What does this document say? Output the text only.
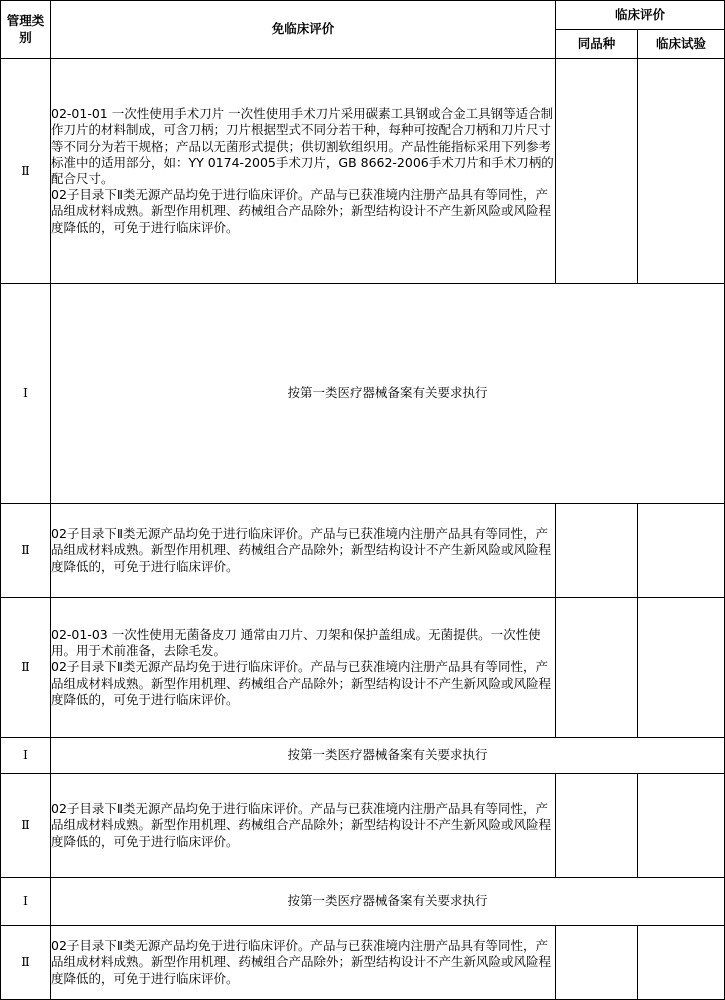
管理类别	免临床评价	临床评价	
		同品种	临床试验
Ⅱ	02-01-01 一次性使用手术刀片 一次性使用手术刀片采用碳素工具钢或合金工具钢等适合制作刀片的材料制成，可含刀柄；刀片根据型式不同分若干种，每种可按配合刀柄和刀片尺寸等不同分为若干规格；产品以无菌形式提供；供切割软组织用。产品性能指标采用下列参考标准中的适用部分，如：YY 0174-2005手术刀片，GB 8662-2006手术刀片和手术刀柄的配合尺寸。
02子目录下Ⅱ类无源产品均免于进行临床评价。产品与已获准境内注册产品具有等同性，产品组成材料成熟。新型作用机理、药械组合产品除外；新型结构设计不产生新风险或风险程度降低的，可免于进行临床评价。		

Ⅰ	按第一类医疗器械备案有关要求执行		
Ⅱ	02子目录下Ⅱ类无源产品均免于进行临床评价。产品与已获准境内注册产品具有等同性，产品组成材料成熟。新型作用机理、药械组合产品除外；新型结构设计不产生新风险或风险程度降低的，可免于进行临床评价。		

Ⅱ	02-01-03 一次性使用无菌备皮刀 通常由刀片、刀架和保护盖组成。无菌提供。一次性使用。用于术前准备，去除毛发。
02子目录下Ⅱ类无源产品均免于进行临床评价。产品与已获准境内注册产品具有等同性，产品组成材料成熟。新型作用机理、药械组合产品除外；新型结构设计不产生新风险或风险程度降低的，可免于进行临床评价。		

Ⅰ	按第一类医疗器械备案有关要求执行		
Ⅱ	02子目录下Ⅱ类无源产品均免于进行临床评价。产品与已获准境内注册产品具有等同性，产品组成材料成熟。新型作用机理、药械组合产品除外；新型结构设计不产生新风险或风险程度降低的，可免于进行临床评价。		

Ⅰ	按第一类医疗器械备案有关要求执行		
Ⅱ	02子目录下Ⅱ类无源产品均免于进行临床评价。产品与已获准境内注册产品具有等同性，产品组成材料成熟。新型作用机理、药械组合产品除外；新型结构设计不产生新风险或风险程度降低的，可免于进行临床评价。		
